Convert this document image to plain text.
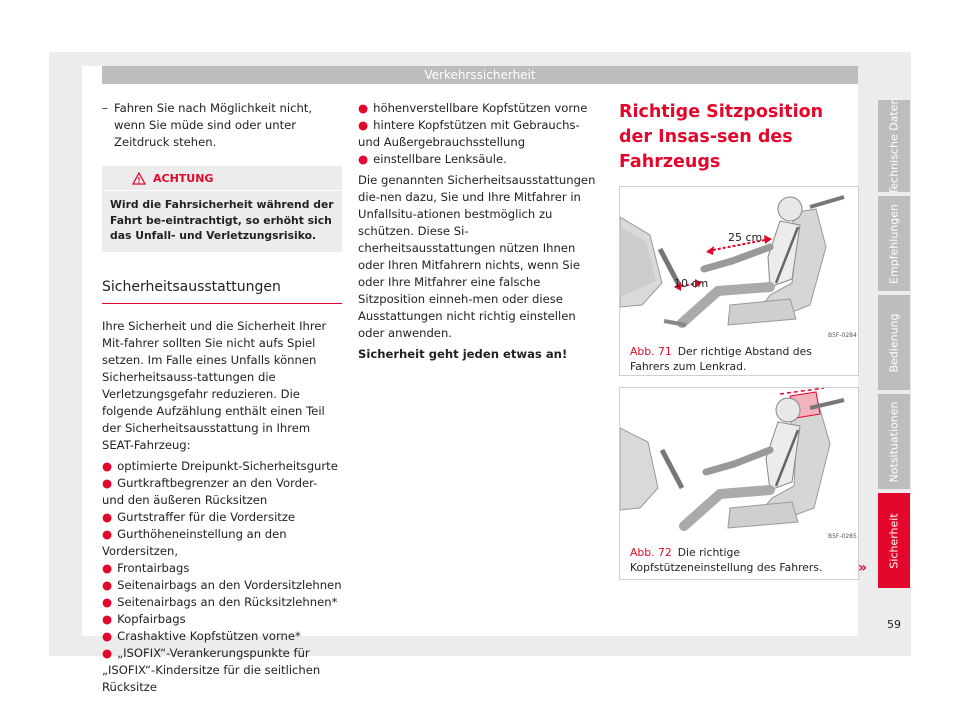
Verkehrssicherheit
– Fahren Sie nach Möglichkeit nicht, wenn Sie müde sind oder unter Zeitdruck stehen.
ACHTUNG
Wird die Fahrsicherheit während der Fahrt be-eintrachtigt, so erhöht sich das Unfall- und Verletzungsrisiko.
Sicherheitsausstattungen
Ihre Sicherheit und die Sicherheit Ihrer Mit-fahrer sollten Sie nicht aufs Spiel setzen. Im Falle eines Unfalls können Sicherheitsauss-tattungen die Verletzungsgefahr reduzieren. Die folgende Aufzählung enthält einen Teil der Sicherheitsausstattung in Ihrem SEAT-Fahrzeug:
● optimierte Dreipunkt-Sicherheitsgurte
● Gurtkraftbegrenzer an den Vorder- und den äußeren Rücksitzen
● Gurtstraffer für die Vordersitze
● Gurthöheneinstellung an den Vordersitzen,
● Frontairbags
● Seitenairbags an den Vordersitzlehnen
● Seitenairbags an den Rücksitzlehnen*
● Kopfairbags
● Crashaktive Kopfstützen vorne*
● „ISOFIX“-Verankerungspunkte für „ISOFIX“-Kindersitze für die seitlichen Rücksitze
● höhenverstellbare Kopfstützen vorne
● hintere Kopfstützen mit Gebrauchs- und Außergebrauchsstellung
● einstellbare Lenksäule.
Die genannten Sicherheitsausstattungen die-nen dazu, Sie und Ihre Mitfahrer in Unfallsitu-ationen bestmöglich zu schützen. Diese Si-cherheitsausstattungen nützen Ihnen oder Ihren Mitfahrern nichts, wenn Sie oder Ihre Mitfahrer eine falsche Sitzposition einneh-men oder diese Ausstattungen nicht richtig einstellen oder anwenden.
Sicherheit geht jeden etwas an!
Richtige Sitzposition der Insas-sen des Fahrzeugs
25 cm
10 cm
B5F-0284
Abb. 71 Der richtige Abstand des Fahrers zum Lenkrad.
B5F-0285
Abb. 72 Die richtige Kopfstützeneinstellung des Fahrers.	»
Technische Daten
Empfehlungen
Bedienung
Notsituationen
Sicherheit
59
